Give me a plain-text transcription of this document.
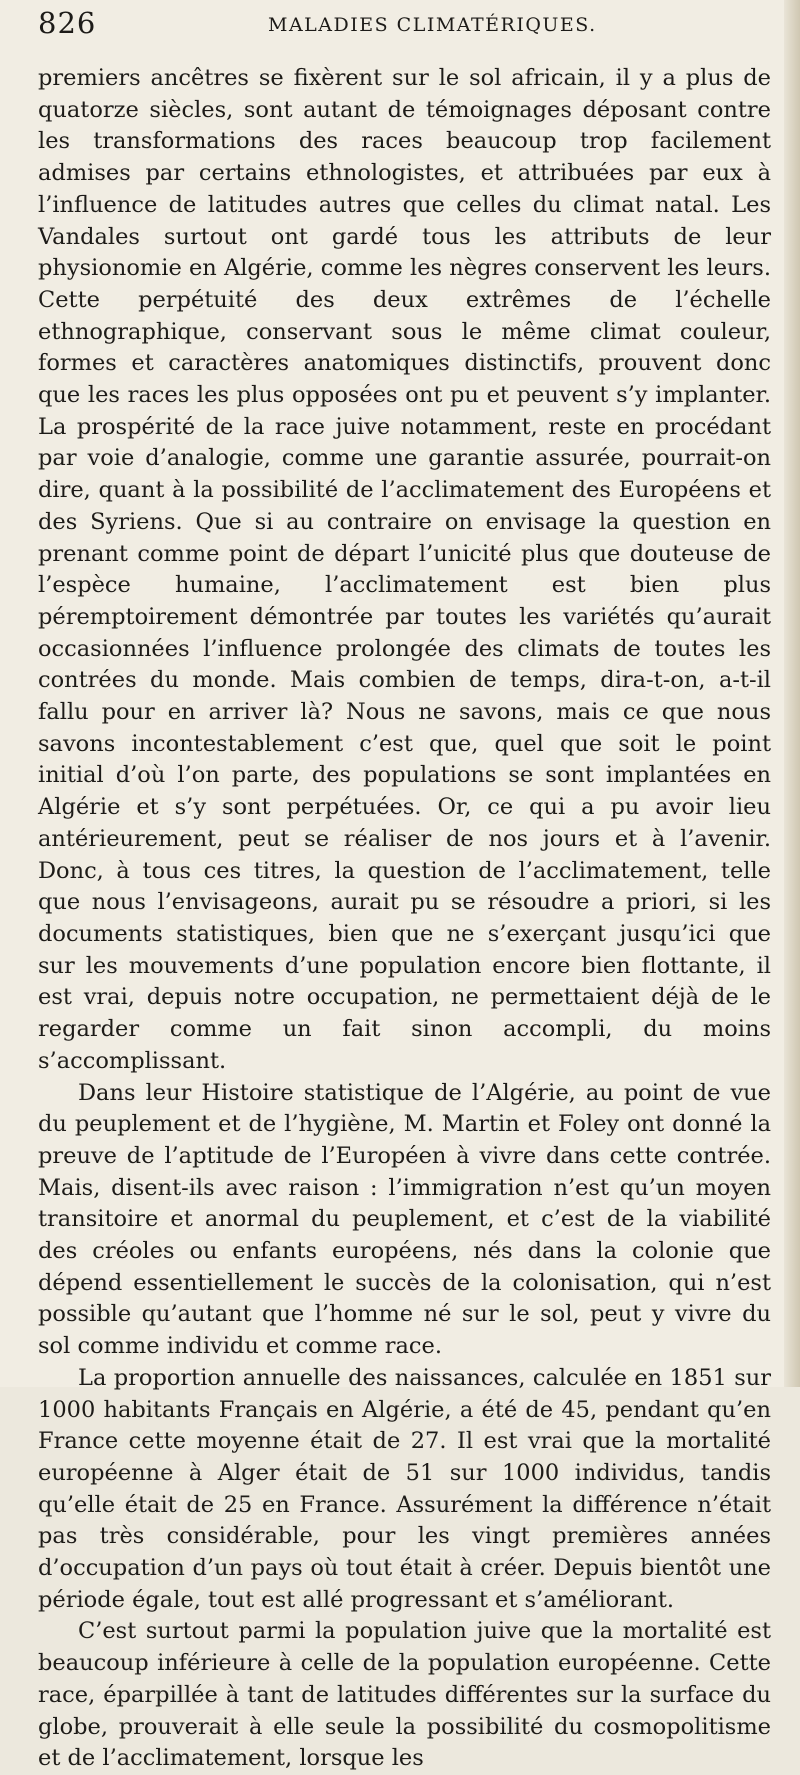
826	MALADIES CLIMATÉRIQUES.

premiers ancêtres se fixèrent sur le sol africain, il y a plus de quatorze siècles, sont autant de témoignages déposant contre les transformations des races beaucoup trop facilement admises par certains ethnologistes, et attribuées par eux à l’influence de latitudes autres que celles du climat natal. Les Vandales surtout ont gardé tous les attributs de leur physionomie en Algérie, comme les nègres conservent les leurs. Cette perpétuité des deux extrêmes de l’échelle ethnographique, conservant sous le même climat couleur, formes et caractères anatomiques distinctifs, prouvent donc que les races les plus opposées ont pu et peuvent s’y implanter. La prospérité de la race juive notamment, reste en procédant par voie d’analogie, comme une garantie assurée, pourrait-on dire, quant à la possibilité de l’acclimatement des Européens et des Syriens. Que si au contraire on envisage la question en prenant comme point de départ l’unicité plus que douteuse de l’espèce humaine, l’acclimatement est bien plus péremptoirement démontrée par toutes les variétés qu’aurait occasionnées l’influence prolongée des climats de toutes les contrées du monde. Mais combien de temps, dira-t-on, a-t-il fallu pour en arriver là? Nous ne savons, mais ce que nous savons incontestablement c’est que, quel que soit le point initial d’où l’on parte, des populations se sont implantées en Algérie et s’y sont perpétuées. Or, ce qui a pu avoir lieu antérieurement, peut se réaliser de nos jours et à l’avenir. Donc, à tous ces titres, la question de l’acclimatement, telle que nous l’envisageons, aurait pu se résoudre a priori, si les documents statistiques, bien que ne s’exerçant jusqu’ici que sur les mouvements d’une population encore bien flottante, il est vrai, depuis notre occupation, ne permettaient déjà de le regarder comme un fait sinon accompli, du moins s’accomplissant.

Dans leur Histoire statistique de l’Algérie, au point de vue du peuplement et de l’hygiène, M. Martin et Foley ont donné la preuve de l’aptitude de l’Européen à vivre dans cette contrée. Mais, disent-ils avec raison : l’immigration n’est qu’un moyen transitoire et anormal du peuplement, et c’est de la viabilité des créoles ou enfants européens, nés dans la colonie que dépend essentiellement le succès de la colonisation, qui n’est possible qu’autant que l’homme né sur le sol, peut y vivre du sol comme individu et comme race.

La proportion annuelle des naissances, calculée en 1851 sur 1000 habitants Français en Algérie, a été de 45, pendant qu’en France cette moyenne était de 27. Il est vrai que la mortalité européenne à Alger était de 51 sur 1000 individus, tandis qu’elle était de 25 en France. Assurément la différence n’était pas très considérable, pour les vingt premières années d’occupation d’un pays où tout était à créer. Depuis bientôt une période égale, tout est allé progressant et s’améliorant.

C’est surtout parmi la population juive que la mortalité est beaucoup inférieure à celle de la population européenne. Cette race, éparpillée à tant de latitudes différentes sur la surface du globe, prouverait à elle seule la possibilité du cosmopolitisme et de l’acclimatement, lorsque les
